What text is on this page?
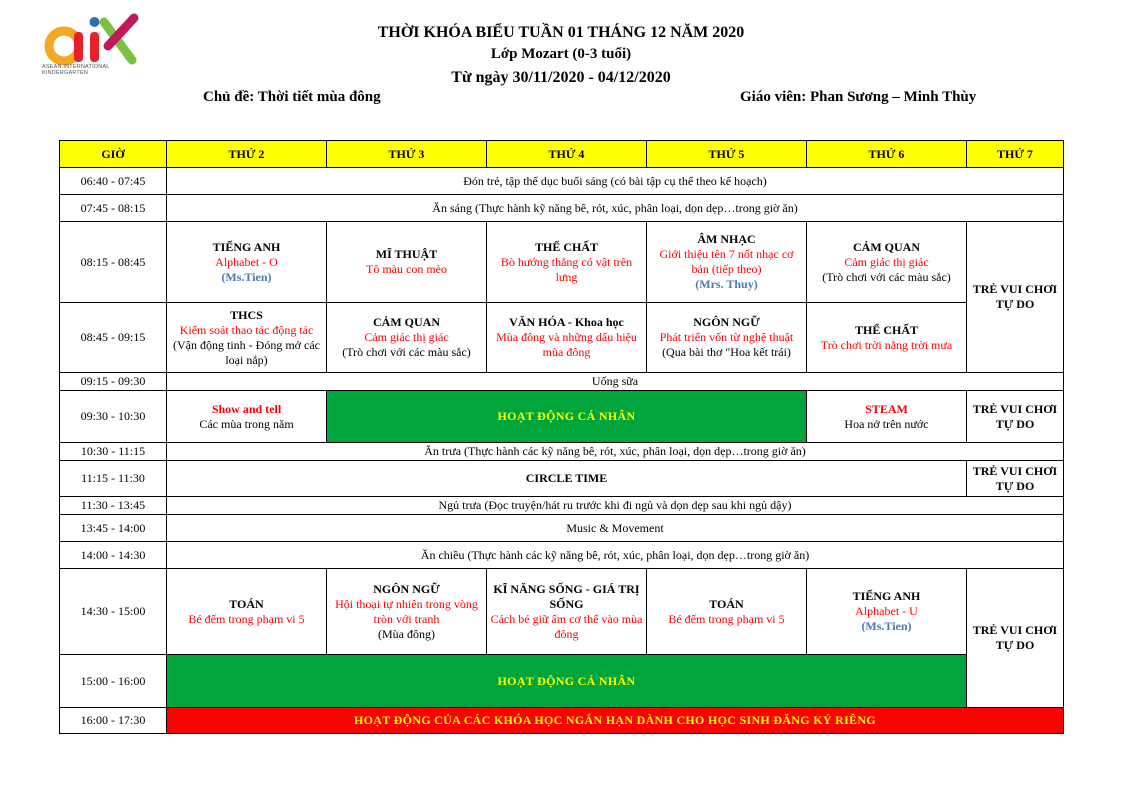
ASEAN INTERNATIONAL
KINDERGARTEN
THỜI KHÓA BIỂU TUẦN 01 THÁNG 12 NĂM 2020
Lớp Mozart (0-3 tuổi)
Từ ngày 30/11/2020 - 04/12/2020
Chủ đề: Thời tiết mùa đông	Giáo viên: Phan Sương – Minh Thùy
GIỜ	THỨ 2	THỨ 3	THỨ 4	THỨ 5	THỨ 6	THỨ 7
06:40 - 07:45	Đón trẻ, tập thể dục buổi sáng (có bài tập cụ thể theo kế hoạch)					
07:45 - 08:15	Ăn sáng (Thực hành kỹ năng bê, rót, xúc, phân loại, dọn dẹp…trong giờ ăn)					
08:15 - 08:45	TIẾNG ANH
Alphabet - O
(Ms.Tien)	MĨ THUẬT
Tô màu con mèo	THỂ CHẤT
Bò hướng thẳng có vật trên lưng	ÂM NHẠC
Giới thiệu tên 7 nốt nhạc cơ bản (tiếp theo)
(Mrs. Thuy)	CẢM QUAN
Cảm giác thị giác
(Trò chơi với các màu sắc)	TRẺ VUI CHƠI TỰ DO
08:45 - 09:15	THCS
Kiểm soát thao tác động tác
(Vận động tinh - Đóng mở các loại nắp)	CẢM QUAN
Cảm giác thị giác
(Trò chơi với các màu sắc)	VĂN HÓA - Khoa học
Mùa đông và những dấu hiệu mùa đông	NGÔN NGỮ
Phát triển vốn từ nghệ thuật
(Qua bài thơ "Hoa kết trái)	THỂ CHẤT
Trò chơi trời nắng trời mưa	

09:15 - 09:30	Uống sữa					
09:30 - 10:30	Show and tell
Các mùa trong năm	HOẠT ĐỘNG CÁ NHÂN			STEAM
Hoa nở trên nước	TRẺ VUI CHƠI TỰ DO
10:30 - 11:15	Ăn trưa (Thực hành các kỹ năng bê, rót, xúc, phân loại, dọn dẹp…trong giờ ăn)					
11:15 - 11:30	CIRCLE TIME					TRẺ VUI CHƠI TỰ DO
11:30 - 13:45	Ngủ trưa (Đọc truyện/hát ru trước khi đi ngủ và dọn dẹp sau khi ngủ dậy)					
13:45 - 14:00	Music & Movement					
14:00 - 14:30	Ăn chiều (Thực hành các kỹ năng bê, rót, xúc, phân loại, dọn dẹp…trong giờ ăn)					
14:30 - 15:00	TOÁN
Bé đếm trong phạm vi 5	NGÔN NGỮ
Hội thoại tự nhiên trong vòng tròn với tranh
(Mùa đông)	KĨ NĂNG SỐNG - GIÁ TRỊ SỐNG
Cách bé giữ ấm cơ thể vào mùa đông	TOÁN
Bé đếm trong phạm vi 5	TIẾNG ANH
Alphabet - U
(Ms.Tien)	TRẺ VUI CHƠI TỰ DO
15:00 - 16:00	HOẠT ĐỘNG CÁ NHÂN					
16:00 - 17:30	HOẠT ĐỘNG CỦA CÁC KHÓA HỌC NGẮN HẠN DÀNH CHO HỌC SINH ĐĂNG KÝ RIÊNG					
